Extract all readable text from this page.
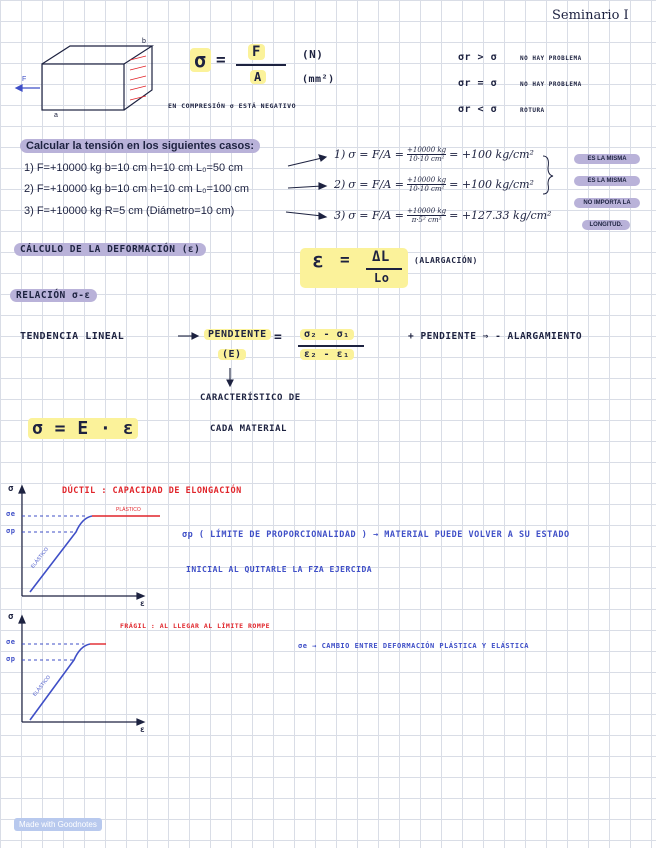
Seminario I
F
a
b
σ = F
A
(N)
(mm²)
EN COMPRESIÓN σ ESTÁ NEGATIVO
σr > σ	NO HAY PROBLEMA
σr = σ	NO HAY PROBLEMA
σr < σ	ROTURA
Calcular la tensión en los siguientes casos:
1) F=+10000 kg b=10 cm h=10 cm L₀=50 cm
2) F=+10000 kg b=10 cm h=10 cm L₀=100 cm
3) F=+10000 kg R=5 cm (Diámetro=10 cm)
1) $\sigma = F/A = \frac{+10000 kg}{\text{10·10 cm²}} = +100$ kg/cm²
2) $\sigma = F/A = \frac{+10000 kg}{\text{10·10 cm²}} = +100$ kg/cm²
3) $\sigma = F/A = \frac{+10000 kg}{\text{π·5² cm²}} = +127.33$ kg/cm²
ES LA MISMA
ES LA MISMA
NO IMPORTA LA
LONGITUD.
CÁLCULO DE LA DEFORMACIÓN (ε)	ε = ΔL
Lo
(ALARGACIÓN)
RELACIÓN σ-ε
TENDENCIA LINEAL	PENDIENTE
(E)
=	σ₂ - σ₁
ε₂ - ε₁
+ PENDIENTE ⇒ - ALARGAMIENTO
CARACTERÍSTICO DE
CADA MATERIAL
σ = E · ε
σ
ε
σe
σp
DÚCTIL : CAPACIDAD DE ELONGACIÓN
PLÁSTICO
ELÁSTICO
σp ( LÍMITE DE PROPORCIONALIDAD ) → MATERIAL PUEDE VOLVER A SU ESTADO
INICIAL AL QUITARLE LA FZA EJERCIDA
σ
ε
σe
σp
FRÁGIL : AL LLEGAR AL LÍMITE ROMPE
ELÁSTICO
σe → CAMBIO ENTRE DEFORMACIÓN PLÁSTICA Y ELÁSTICA
Made with Goodnotes
